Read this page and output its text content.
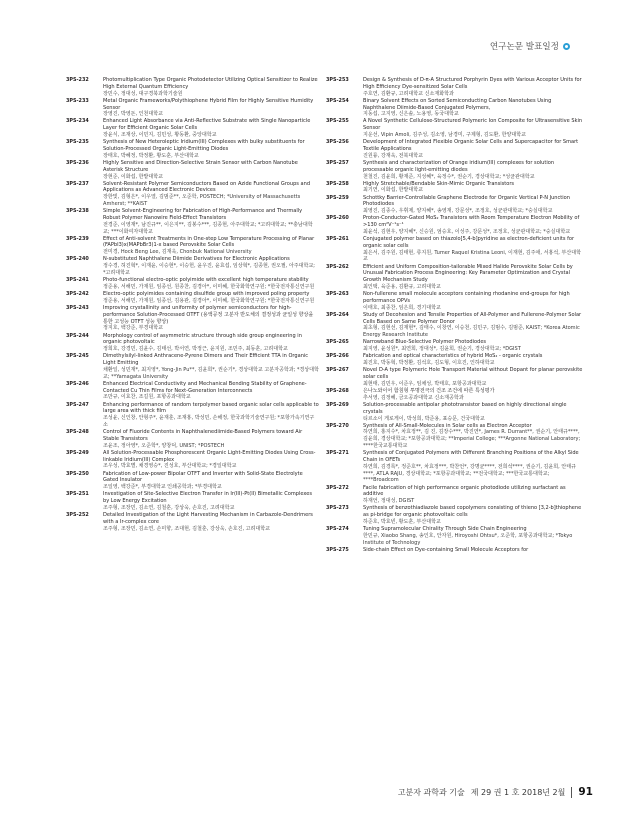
연구논문 발표일정
3PS-232	Photomultiplication Type Organic Photodetector Utilizing Optical Sensitizer to Realize High External Quantum Efficiency
장민수, 정대성, 대구경북과학기술원
3PS-233	Metal Organic Frameworks/Polythiophene Hybrid Film for Highly Sensitive Humidity Sensor
장영진, 박영돈, 인천대학교
3PS-234	Enhanced Light Absorbance via Anti-Reflective Substrate with Single Nanoparticle Layer for Efficient Organic Solar Cells
장윤식, 조재상, 이민지, 김민성, 황동환, 중앙대학교
3PS-235	Synthesis of New Heteroleptic Iridium(III) Complexes with bulky substituents for Solution-Processed Organic Light-Emitting Diodes
장태호, 박혜정, 박정환, 황도훈, 부산대학교
3PS-236	Highly Sensitive and Direction-Selective Strain Sensor with Carbon Nanotube Asterisk Structure
장현준, 이화섭, 한밭대학교
3PS-237	Solvent-Resistant Polymer Semiconductors Based on Azide Functional Groups and Applications as Advanced Electronic Devices
장한빛, 김형은*, 이우열, 김범준**, 오준학, POSTECH; *University of Massachusetts Amherst; **KAIST
3PS-238	Simple Solvent-Engineering for Fabrication of High-Performance and Thermally Robust Polymer Nanowire Field-Effect Transistors
전경준, 이영재*, 남진규**, 이은지**, 김봉수***, 김종현, 아주대학교; *고려대학교; **충남대학교; ***이화여자대학교
3PS-239	Effect of Anti-solvent Treatments in One-step Low Temperature Processing of Planar (FAPbI3)x(MAPbBr3)1-x based Perovskite Solar Cells
전미경, Hock Beng Lee, 김재욱, Chonbuk National University
3PS-240	N-substituted Naphthalene Diimide Derivatives for Electronic Applications
정수경, 허진혁*, 이재윤, 이승현*, 이승헌, 윤우진, 윤효섭, 임상혁*, 김종현, 권오필, 아주대학교; *고려대학교
3PS-241	Photo-functional electro-optic polyimide with excellent high temperature stability
정준용, 서해민, 가재원, 임종선, 원종찬, 김경아*, 이미혜, 한국화학연구원; *한국전자통신연구원
3PS-242	Electro-optic polyimides containing disulfide group with improved poling property
정준용, 서해민, 가재원, 임종선, 김용관, 김경아*, 이미혜, 한국화학연구원; *한국전자통신연구원
3PS-243	Improving crystallinity and uniformity of polymer semiconductors for high-performance Solution-Processed OTFT (용액공정 고분자 반도체의 결정성과 균일성 향상을 통한 고성능 OTFT 성능 향상)
정지호, 백강준, 부경대학교
3PS-244	Morphology control of asymmetric structure through side group engineering in organic photovoltaic
정희호, 강경민, 김윤수, 김태선, 박서연, 박정근, 윤지원, 조민주, 최동훈, 고려대학교
3PS-245	Dimethylsilyl-linked Anthracene-Pyrene Dimers and Their Efficient TTA in Organic Light Emitting
채환일, 성민재*, 최지영*, Yong-Jin Pu**, 김윤희*, 권순기*, 경상대학교 고분자공학과; *경상대학교; **Yamagata University
3PS-246	Enhanced Electrical Conductivity and Mechanical Bending Stability of Graphene-Contacted Cu Thin Films for Next-Generation Interconnects
조만규, 이효찬, 조길원, 포항공과대학교
3PS-247	Enhancing performance of random terpolymer based organic solar cells applicable to large area with thick film
조성윤, 신인창, 안형주*, 윤재훈, 조재홍, 박성민, 손해정, 한국과학기술연구원; *포항가속기연구소
3PS-248	Control of Fluoride Contents in Naphthalenediimide-Based Polymers toward Air Stable Transistors
조윤조, 정아영*, 오준학*, 양창덕, UNIST; *POSTECH
3PS-249	All Solution-Processable Phosphorescent Organic Light-Emitting Diodes Using Cross-linkable Iridium(III) Complex
조우성, 박효별, 채경영승*, 진성호, 부산대학교; *경일대학교
3PS-250	Fabrication of Low-power Bipolar OTFT and Inverter with Solid-State Electrolyte Gated Insulator
조일영, 백강준*, 부경대학교 인쇄공학과; *부경대학교
3PS-251	Investigation of Site-Selective Electron Transfer in Ir(III)-Pt(II) Bimetallic Complexes by Low Energy Excitation
조주형, 조장민, 김소연, 김철훈, 강상욱, 손호진, 고려대학교
3PS-252	Detailed Investigation of the Light Harvesting Mechanism in Carbazole-Dendrimers with a Ir-complex core
조주형, 조장민, 김소연, 손미향, 조대현, 김철훈, 강상욱, 손호진, 고려대학교
3PS-253	Design & Synthesis of D-π-A Structured Porphyrin Dyes with Various Acceptor Units for High Efficiency Dye-sensitized Solar Cells
주호연, 김환규, 고려대학교 신소재화학과
3PS-254	Binary Solvent Effects on Sorted Semiconducting Carbon Nanotubes Using Naphthalene Diimide-Based Conjugated Polymers,
지동섭, 고지영, 신은솔, 노용영, 동국대학교
3PS-255	A Novel Synthetic Cellulose-Structured Polymeric Ion Composite for Ultrasensitive Skin Sensor
지운선, Vipin Amoli, 김주성, 김소영, 남경미, 구제형, 김도환, 한양대학교
3PS-256	Development of Integrated Flexible Organic Solar Cells and Supercapacitor for Smart Textile Applications
진원륭, 강재욱, 전북대학교
3PS-257	Synthesis and characterization of Orange iridium(III) complexes for solution processable organic light-emitting diodes
천철진, 김윤희, 황재준, 지성혜*, 육정수*, 권순기, 경상대학교; *성균관대학교
3PS-258	Highly Stretchable/Bendable Skin-Mimic Organic Transistors
최기연, 이화섭, 한밭대학교
3PS-259	Schottky Barrier-Controllable Graphene Electrode for Organic Vertical P-N Junction Photodiodes
최영진, 김종수, 우휘제, 양지혜*, 송영재, 강문성*, 조정호, 성균관대학교; *숭실대학교
3PS-260	Proton-Conductor-Gated MoS₂ Transistors with Room Temperature Electron Mobility of >130 cm²V⁻¹s⁻¹
최윤석, 김현우, 양지혜*, 신승원, 엄승호, 이성주, 강문성*, 조정호, 성균관대학교; *숭실대학교
3PS-261	Conjugated polymer based on thiazolo[5,4-b]pyridine as electron-deficient units for organic solar cells
최은서, 김주원, 김태현, 류지원, Tumer Raquel Kristina Leoni, 이재현, 김주애, 서홍석, 부산대학교
3PS-262	Efficient and Uniform Composition-tailorable Mixed Halide Perovskite Solar Cells by Unusual Fabrication Process Engineering: Key Parameter Optimization and Crystal Growth Mechanism Study
최인택, 육준용, 김환규, 고려대학교
3PS-263	Non-fullerene small molecule acceptors containing rhodanine end-groups for high performance OPVs
이태호, 최종찬, 임은희, 경기대학교
3PS-264	Study of Decohesion and Tensile Properties of All-Polymer and Fullerene-Polymer Solar Cells Based on Same Polymer Donor
최초형, 김현선, 김재현*, 김태수, 이창연, 이승천, 김민구, 김범수, 김범준, KAIST; *Korea Atomic Energy Research Institute
3PS-265	Narrowband Blue-Selective Polymer Photodiodes
최지영, 윤성원*, 최연희, 정대성*, 김윤희, 권순기, 경상대학교; *DGIST
3PS-266	Fabrication and optical characteristics of hybrid MoS₂ - organic crystals
최진호, 박동혁, 박정환, 김석호, 김도형, 이호진, 인하대학교
3PS-267	Novel D-A type Polymeric Hole Transport Material without Dopant for planar perovskite solar cells
최현태, 김민우, 이준우, 임채성, 박태호, 포항공과대학교
3PS-268	은나노와이어 함침형 투명전극의 건조 조건에 따른 특성평가
추서영, 김정혜, 금오공과대학교 신소재공학과
3PS-269	Solution-processable antipolar phototransistor based on highly directional single crystals
티르소이 게로게이, 박성희, 박준용, 표승문, 건국대학교
3PS-270	Synthesis of All-Small-Molecules in Solar cells as Electron Acceptor
하연희, 홍지수*, 차효정**, 김 진, 김장수***, 박진연*, James R. Durrant**, 권순기, 안태규****, 김윤희, 경상대학교; *포항공과대학교; **Imperial College; ***Argonne National Laboratory; ****한국교통대학교
3PS-271	Synthesis of Conjugated Polymers with Different Branching Positions of the Alkyl Side Chain in OFETs
하연희, 김경록*, 정준호**, 차효정***, 박찬언*, 강명균****, 전희석****, 권순기, 김윤희, 안태규****, ATLA RAJU, 경상대학교; *포항공과대학교; **전국대학교; ***한국교통대학교; ****Broadcom
3PS-272	Facile fabrication of high performance organic photodiode utilizing surfactant as additive
하재언, 정대성, DGIST
3PS-273	Synthesis of benzothiadiazole based copolymers consisting of thieno [3,2-b]thiophene as pi-bridge for organic photovoltaic cells
하준호, 박효빈, 황도훈, 부산대학교
3PS-274	Tuning Supramolecular Chirality Through Side Chain Engineering
한민규, Xiaobo Shang, 송인호, 안자원, Hiroyoshi Ohtsu*, 오준학, 포항공과대학교; *Tokyo Institute of Technology
3PS-275	Side-chain Effect on Dye-containing Small Molecule Acceptors for
고분자 과학과 기술 제 29 권 1 호 2018년 2월 91
